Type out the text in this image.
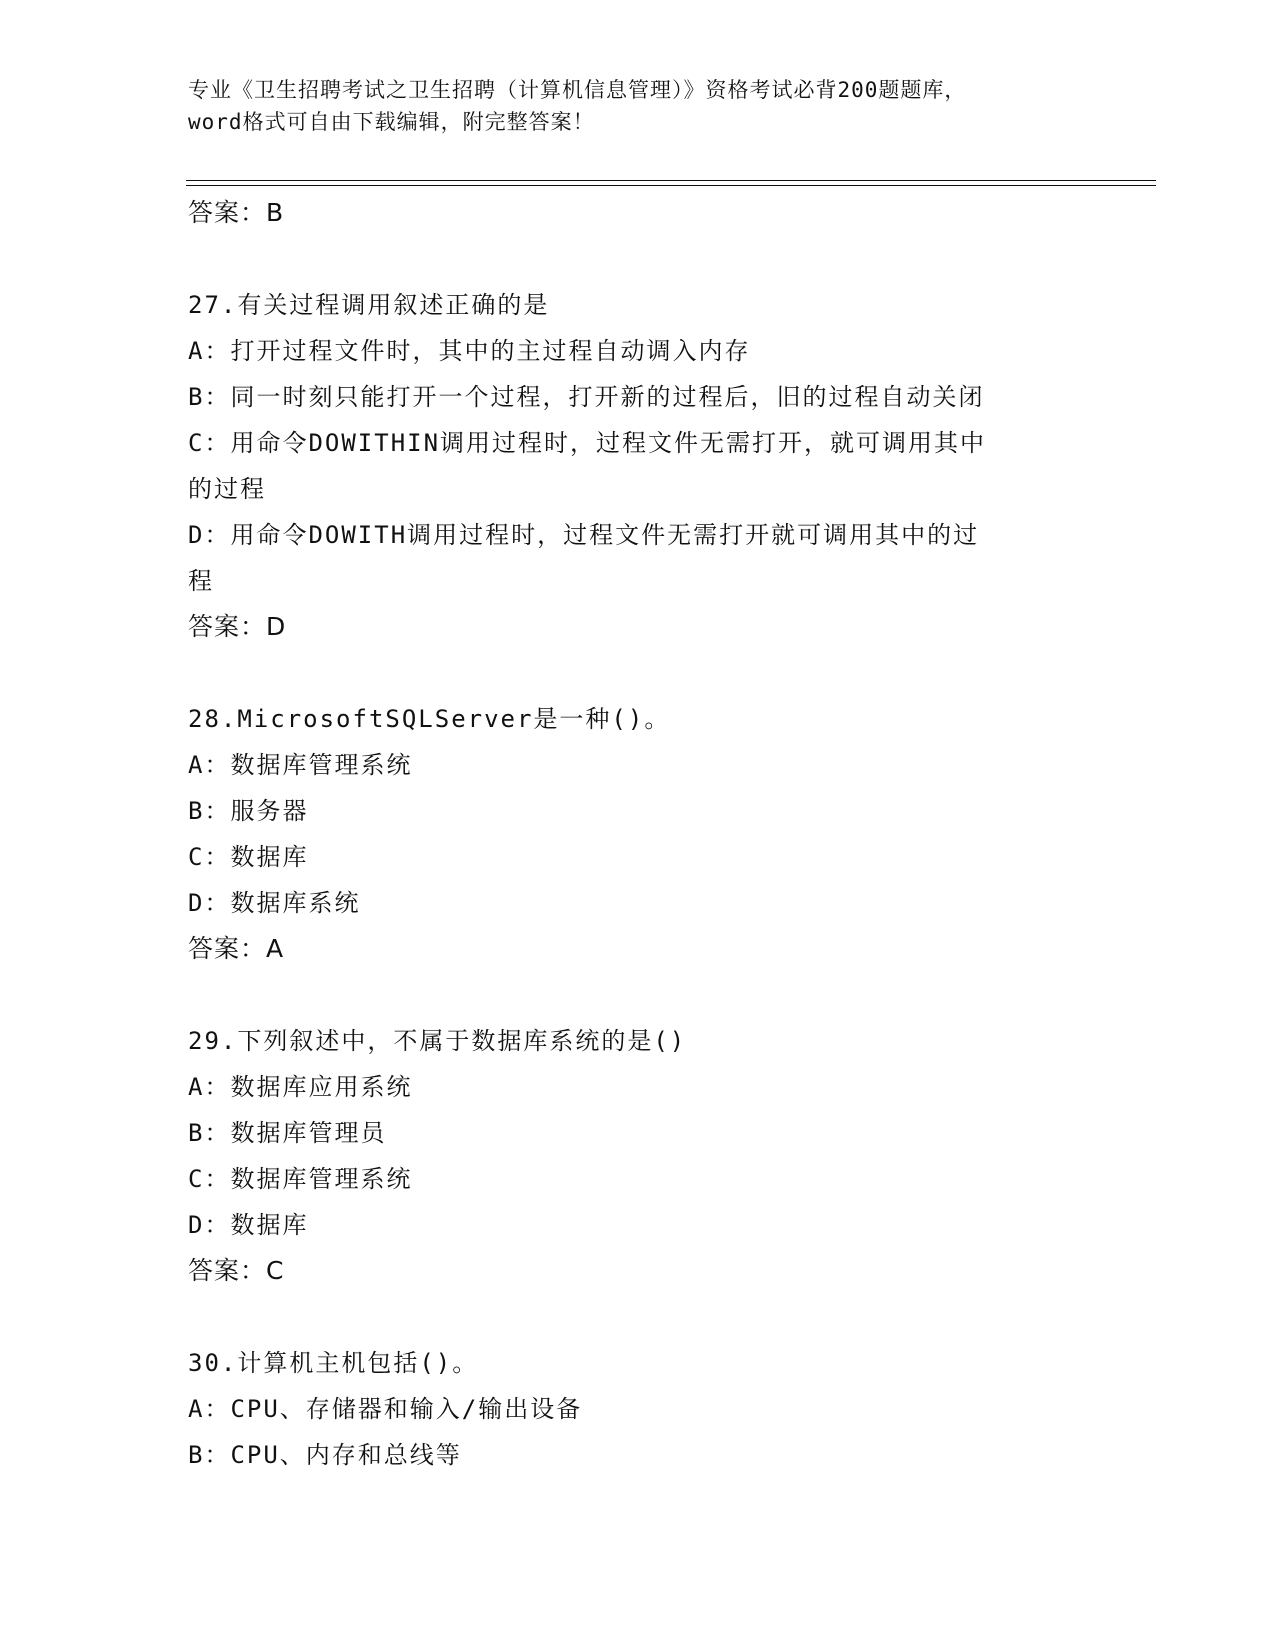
专业《卫生招聘考试之卫生招聘（计算机信息管理）》资格考试必背200题题库，
word格式可自由下载编辑，附完整答案！
答案：B
27.有关过程调用叙述正确的是
A：打开过程文件时，其中的主过程自动调入内存
B：同一时刻只能打开一个过程，打开新的过程后，旧的过程自动关闭
C：用命令DOWITHIN调用过程时，过程文件无需打开，就可调用其中
的过程
D：用命令DOWITH调用过程时，过程文件无需打开就可调用其中的过
程
答案：D
28.MicrosoftSQLServer是一种()。
A：数据库管理系统
B：服务器
C：数据库
D：数据库系统
答案：A
29.下列叙述中，不属于数据库系统的是()
A：数据库应用系统
B：数据库管理员
C：数据库管理系统
D：数据库
答案：C
30.计算机主机包括()。
A：CPU、存储器和输入/输出设备
B：CPU、内存和总线等
